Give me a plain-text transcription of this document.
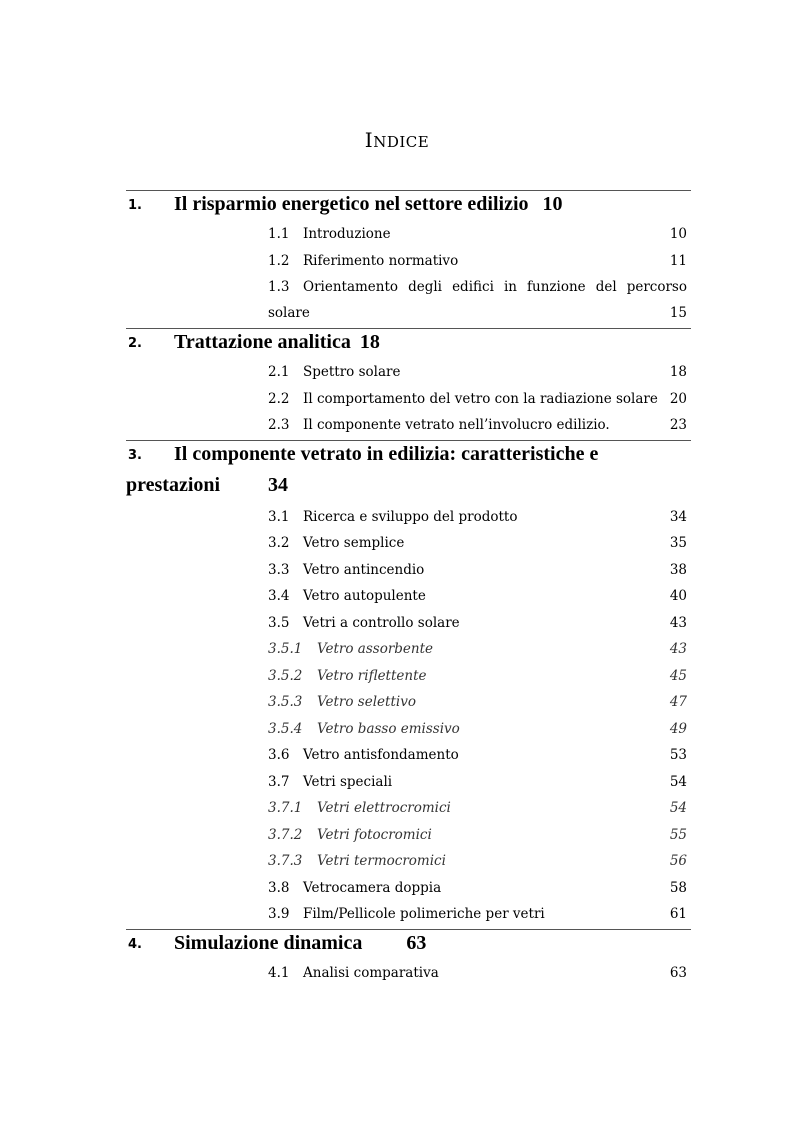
INDICE
1. Il risparmio energetico nel settore edilizio 10
1.1 Introduzione	10
1.2 Riferimento normativo	11
1.3 Orientamento degli edifici in funzione del percorso
solare	15
2. Trattazione analitica 18
2.1 Spettro solare	18
2.2 Il comportamento del vetro con la radiazione solare 20
2.3 Il componente vetrato nell’involucro edilizio.	23
3. Il componente vetrato in edilizia: caratteristiche e
prestazioni 34
3.1 Ricerca e sviluppo del prodotto	34
3.2 Vetro semplice	35
3.3 Vetro antincendio	38
3.4 Vetro autopulente	40
3.5 Vetri a controllo solare	43
3.5.1 Vetro assorbente	43
3.5.2 Vetro riflettente	45
3.5.3 Vetro selettivo	47
3.5.4 Vetro basso emissivo	49
3.6 Vetro antisfondamento	53
3.7 Vetri speciali	54
3.7.1 Vetri elettrocromici	54
3.7.2 Vetri fotocromici	55
3.7.3 Vetri termocromici	56
3.8 Vetrocamera doppia	58
3.9 Film/Pellicole polimeriche per vetri	61
4. Simulazione dinamica 63
4.1 Analisi comparativa	63
